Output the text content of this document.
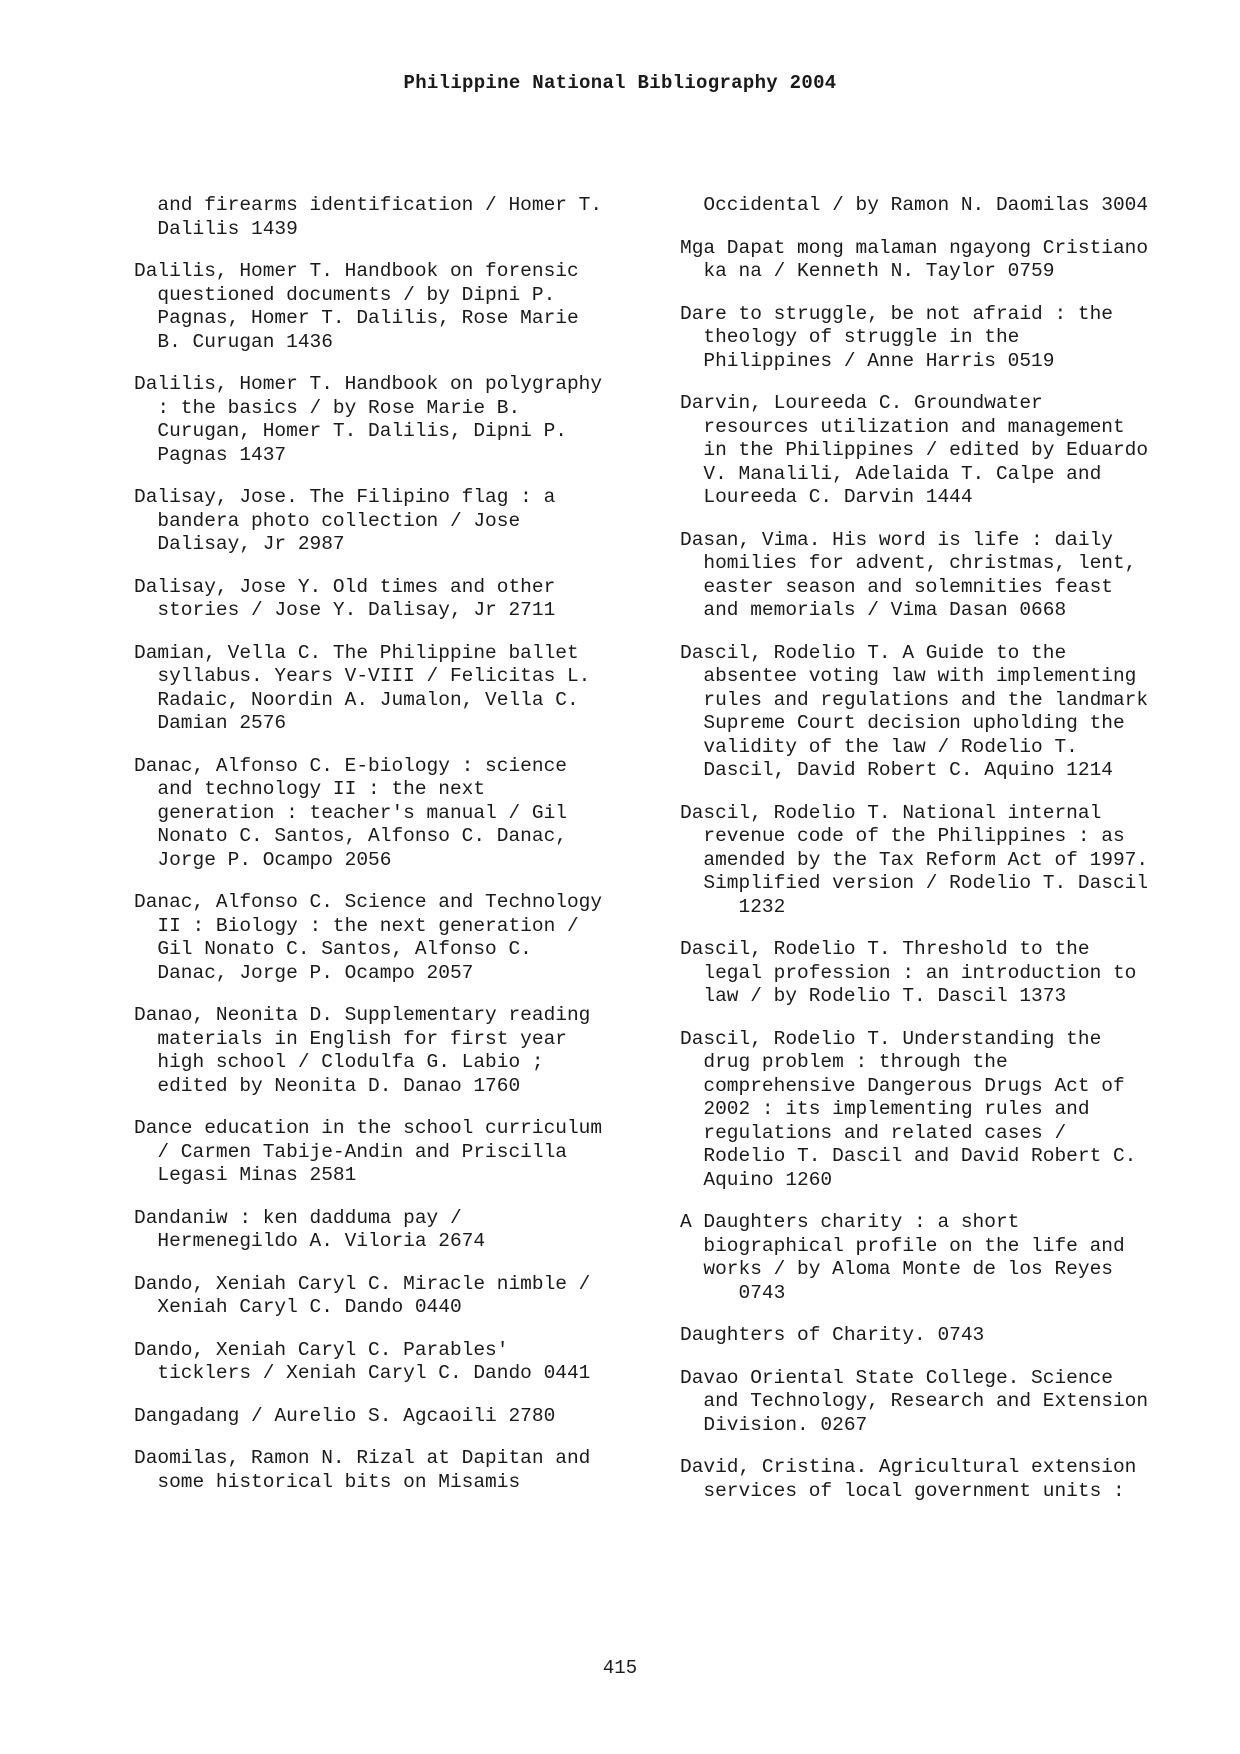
Philippine National Bibliography 2004

and firearms identification / Homer T.
Dalilis 1439

Dalilis, Homer T. Handbook on forensic
questioned documents / by Dipni P.
Pagnas, Homer T. Dalilis, Rose Marie
B. Curugan 1436

Dalilis, Homer T. Handbook on polygraphy
: the basics / by Rose Marie B.
Curugan, Homer T. Dalilis, Dipni P.
Pagnas 1437

Dalisay, Jose. The Filipino flag : a
bandera photo collection / Jose
Dalisay, Jr 2987

Dalisay, Jose Y. Old times and other
stories / Jose Y. Dalisay, Jr 2711

Damian, Vella C. The Philippine ballet
syllabus. Years V-VIII / Felicitas L.
Radaic, Noordin A. Jumalon, Vella C.
Damian 2576

Danac, Alfonso C. E-biology : science
and technology II : the next
generation : teacher's manual / Gil
Nonato C. Santos, Alfonso C. Danac,
Jorge P. Ocampo 2056

Danac, Alfonso C. Science and Technology
II : Biology : the next generation /
Gil Nonato C. Santos, Alfonso C.
Danac, Jorge P. Ocampo 2057

Danao, Neonita D. Supplementary reading
materials in English for first year
high school / Clodulfa G. Labio ;
edited by Neonita D. Danao 1760

Dance education in the school curriculum
/ Carmen Tabije-Andin and Priscilla
Legasi Minas 2581

Dandaniw : ken dadduma pay /
Hermenegildo A. Viloria 2674

Dando, Xeniah Caryl C. Miracle nimble /
Xeniah Caryl C. Dando 0440

Dando, Xeniah Caryl C. Parables'
ticklers / Xeniah Caryl C. Dando 0441

Dangadang / Aurelio S. Agcaoili 2780

Daomilas, Ramon N. Rizal at Dapitan and
some historical bits on Misamis

Occidental / by Ramon N. Daomilas 3004

Mga Dapat mong malaman ngayong Cristiano
ka na / Kenneth N. Taylor 0759

Dare to struggle, be not afraid : the
theology of struggle in the
Philippines / Anne Harris 0519

Darvin, Loureeda C. Groundwater
resources utilization and management
in the Philippines / edited by Eduardo
V. Manalili, Adelaida T. Calpe and
Loureeda C. Darvin 1444

Dasan, Vima. His word is life : daily
homilies for advent, christmas, lent,
easter season and solemnities feast
and memorials / Vima Dasan 0668

Dascil, Rodelio T. A Guide to the
absentee voting law with implementing
rules and regulations and the landmark
Supreme Court decision upholding the
validity of the law / Rodelio T.
Dascil, David Robert C. Aquino 1214

Dascil, Rodelio T. National internal
revenue code of the Philippines : as
amended by the Tax Reform Act of 1997.
Simplified version / Rodelio T. Dascil
1232

Dascil, Rodelio T. Threshold to the
legal profession : an introduction to
law / by Rodelio T. Dascil 1373

Dascil, Rodelio T. Understanding the
drug problem : through the
comprehensive Dangerous Drugs Act of
2002 : its implementing rules and
regulations and related cases /
Rodelio T. Dascil and David Robert C.
Aquino 1260

A Daughters charity : a short
biographical profile on the life and
works / by Aloma Monte de los Reyes
0743

Daughters of Charity. 0743

Davao Oriental State College. Science
and Technology, Research and Extension
Division. 0267

David, Cristina. Agricultural extension
services of local government units :

415
